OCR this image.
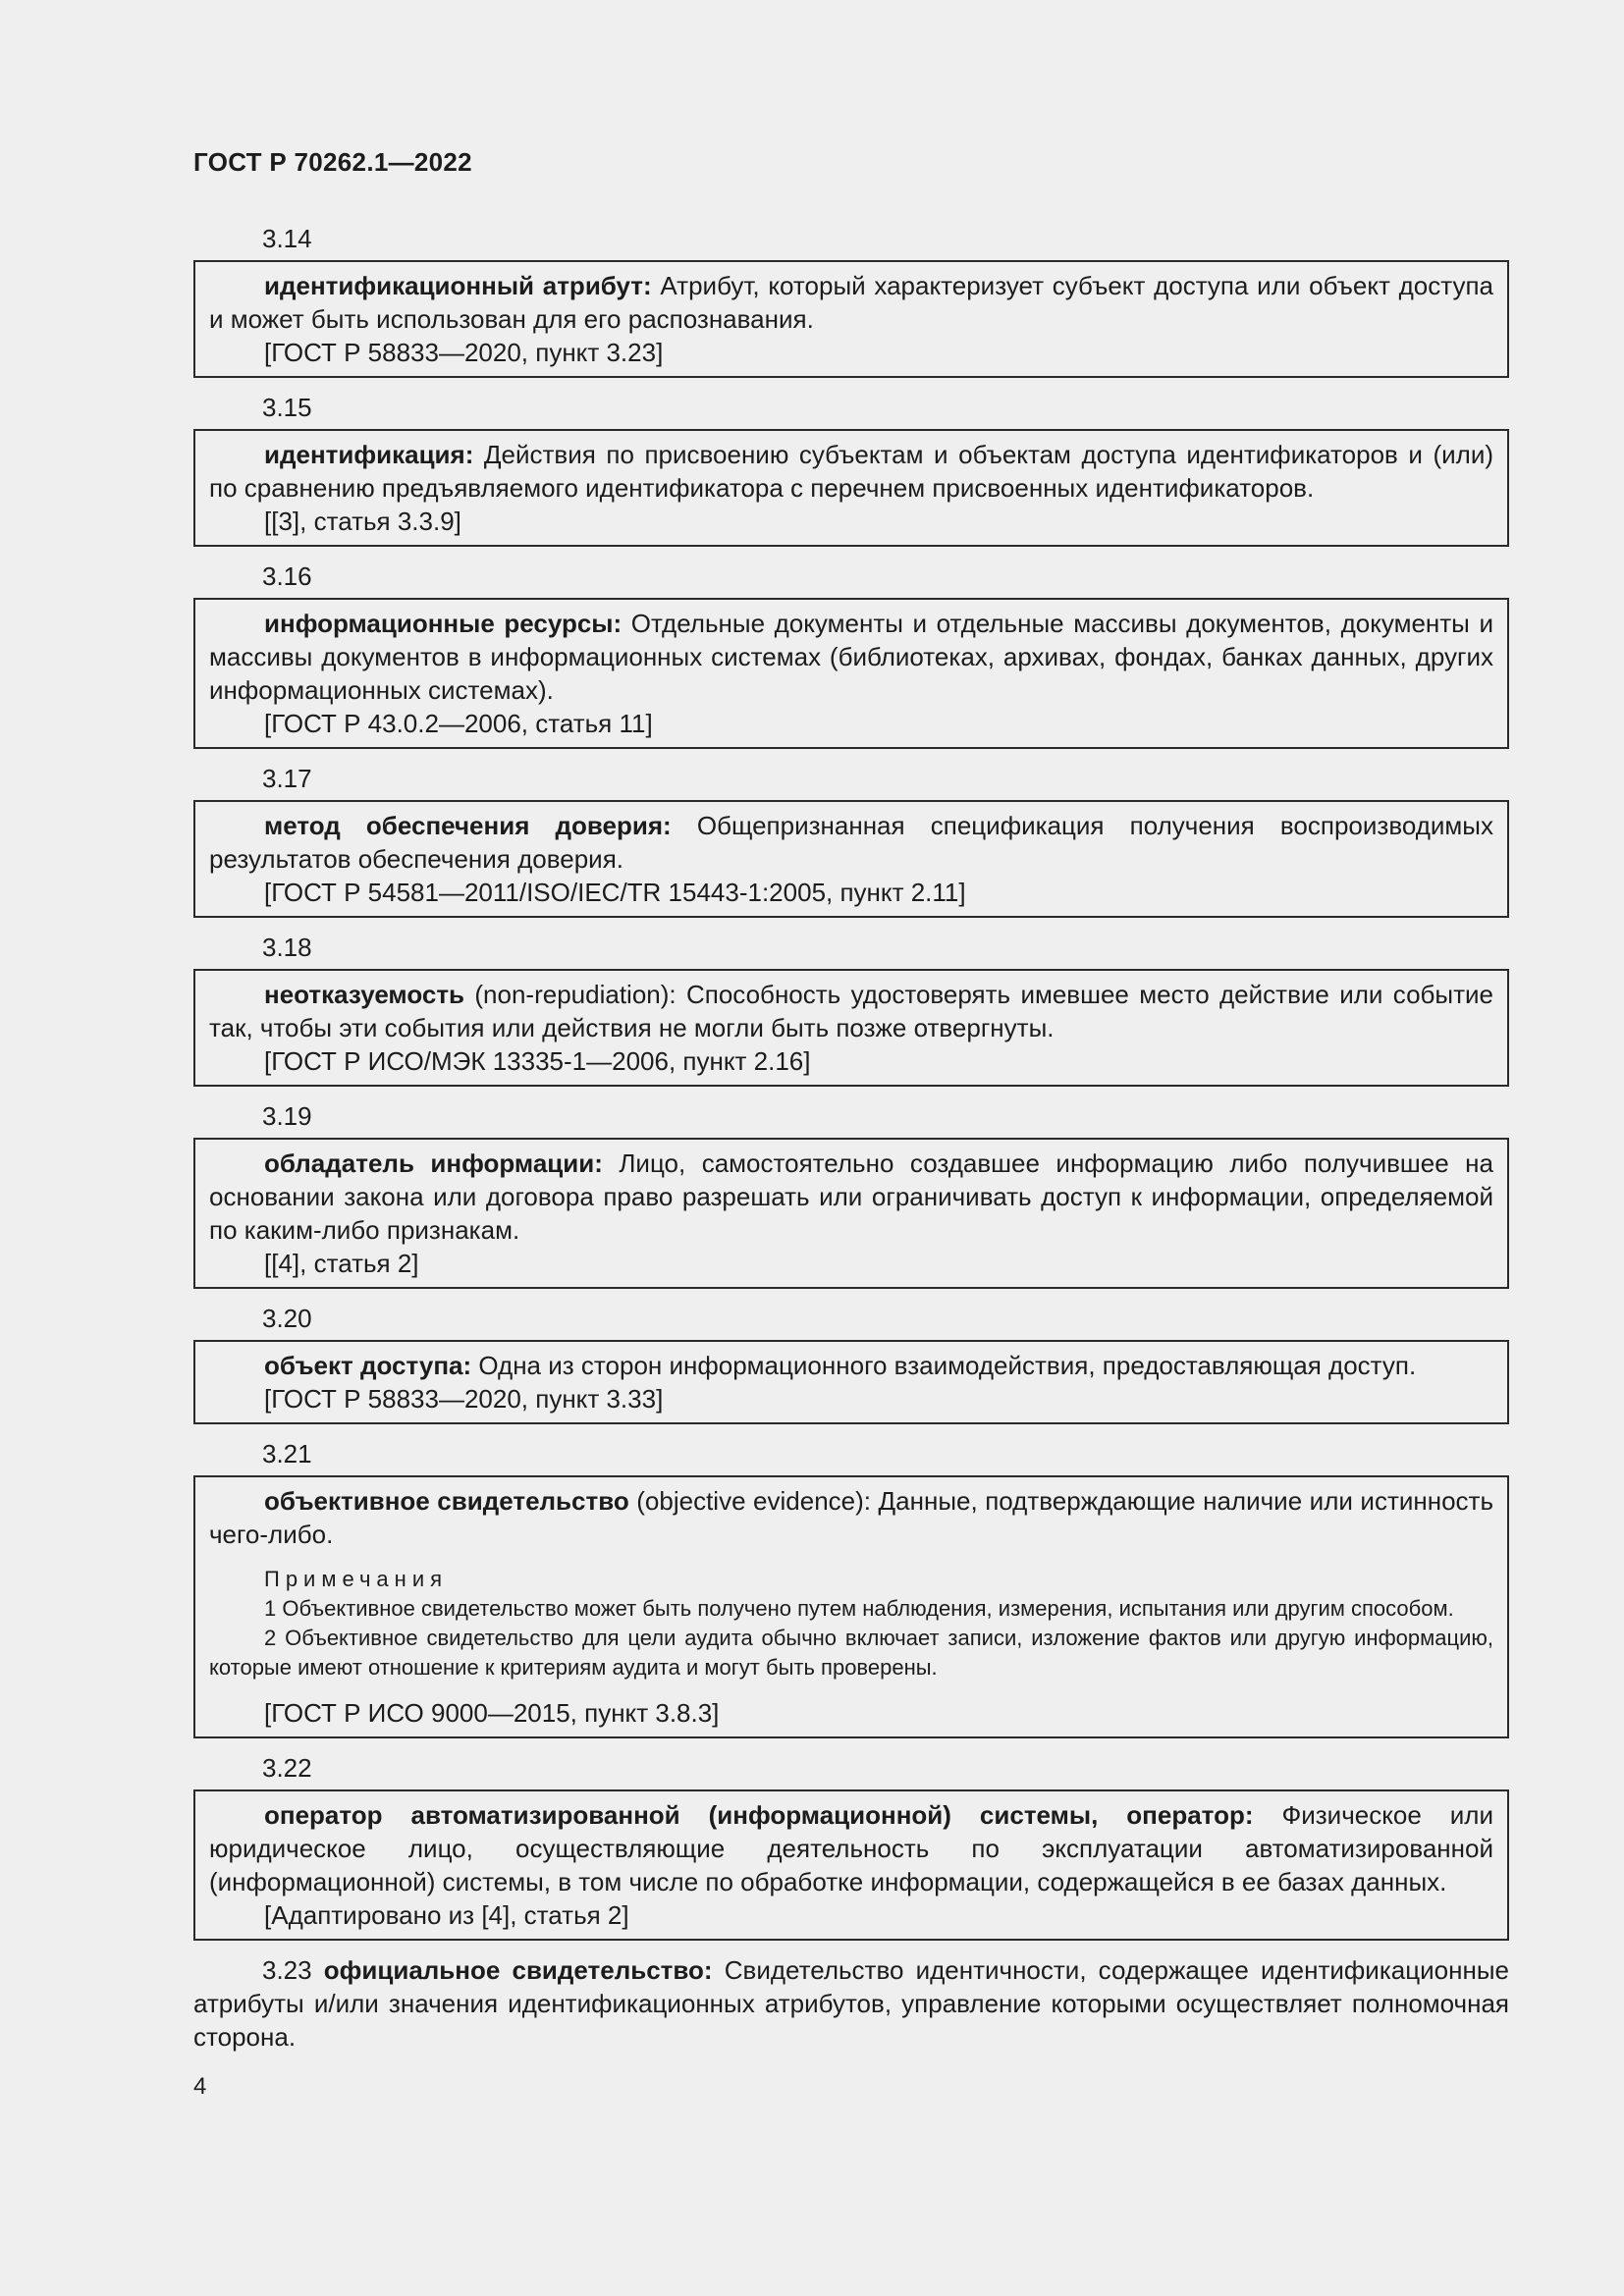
ГОСТ Р 70262.1—2022
3.14

идентификационный атрибут: Атрибут, который характеризует субъект доступа или объект доступа и может быть использован для его распознавания.

[ГОСТ Р 58833—2020, пункт 3.23]

3.15

идентификация: Действия по присвоению субъектам и объектам доступа идентификаторов и (или) по сравнению предъявляемого идентификатора с перечнем присвоенных идентификаторов.

[[3], статья 3.3.9]

3.16

информационные ресурсы: Отдельные документы и отдельные массивы документов, документы и массивы документов в информационных системах (библиотеках, архивах, фондах, банках данных, других информационных системах).

[ГОСТ Р 43.0.2—2006, статья 11]

3.17

метод обеспечения доверия: Общепризнанная спецификация получения воспроизводимых результатов обеспечения доверия.

[ГОСТ Р 54581—2011/ISO/IEC/TR 15443-1:2005, пункт 2.11]

3.18

неотказуемость (non-repudiation): Способность удостоверять имевшее место действие или событие так, чтобы эти события или действия не могли быть позже отвергнуты.

[ГОСТ Р ИСО/МЭК 13335-1—2006, пункт 2.16]

3.19

обладатель информации: Лицо, самостоятельно создавшее информацию либо получившее на основании закона или договора право разрешать или ограничивать доступ к информации, определяемой по каким-либо признакам.

[[4], статья 2]

3.20

объект доступа: Одна из сторон информационного взаимодействия, предоставляющая доступ.

[ГОСТ Р 58833—2020, пункт 3.33]

3.21

объективное свидетельство (objective evidence): Данные, подтверждающие наличие или истинность чего-либо.

Примечания

1 Объективное свидетельство может быть получено путем наблюдения, измерения, испытания или другим способом.

2 Объективное свидетельство для цели аудита обычно включает записи, изложение фактов или другую информацию, которые имеют отношение к критериям аудита и могут быть проверены.

[ГОСТ Р ИСО 9000—2015, пункт 3.8.3]

3.22

оператор автоматизированной (информационной) системы, оператор: Физическое или юридическое лицо, осуществляющие деятельность по эксплуатации автоматизированной (информационной) системы, в том числе по обработке информации, содержащейся в ее базах данных.

[Адаптировано из [4], статья 2]

3.23 официальное свидетельство: Свидетельство идентичности, содержащее идентификационные атрибуты и/или значения идентификационных атрибутов, управление которыми осуществляет полномочная сторона.

4
